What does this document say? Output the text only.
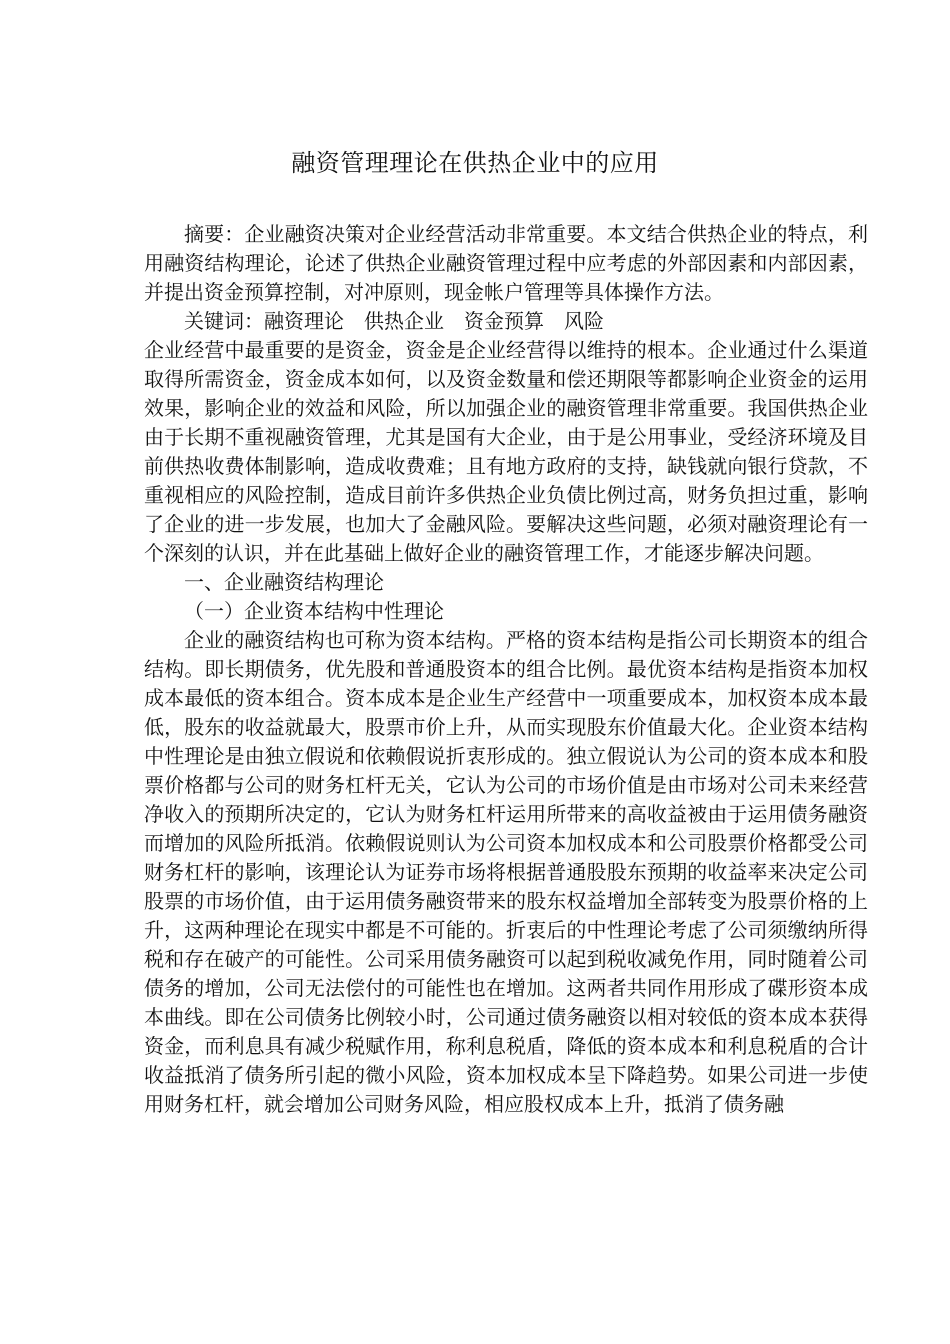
融资管理理论在供热企业中的应用

摘要：企业融资决策对企业经营活动非常重要。本文结合供热企业的特点，利用融资结构理论，论述了供热企业融资管理过程中应考虑的外部因素和内部因素，并提出资金预算控制，对冲原则，现金帐户管理等具体操作方法。

关键词：融资理论　供热企业　资金预算　风险

企业经营中最重要的是资金，资金是企业经营得以维持的根本。企业通过什么渠道取得所需资金，资金成本如何，以及资金数量和偿还期限等都影响企业资金的运用效果，影响企业的效益和风险，所以加强企业的融资管理非常重要。我国供热企业由于长期不重视融资管理，尤其是国有大企业，由于是公用事业，受经济环境及目前供热收费体制影响，造成收费难；且有地方政府的支持，缺钱就向银行贷款，不重视相应的风险控制，造成目前许多供热企业负债比例过高，财务负担过重，影响了企业的进一步发展，也加大了金融风险。要解决这些问题，必须对融资理论有一个深刻的认识，并在此基础上做好企业的融资管理工作，才能逐步解决问题。

一、企业融资结构理论

（一）企业资本结构中性理论

企业的融资结构也可称为资本结构。严格的资本结构是指公司长期资本的组合结构。即长期债务，优先股和普通股资本的组合比例。最优资本结构是指资本加权成本最低的资本组合。资本成本是企业生产经营中一项重要成本，加权资本成本最低，股东的收益就最大，股票市价上升，从而实现股东价值最大化。企业资本结构中性理论是由独立假说和依赖假说折衷形成的。独立假说认为公司的资本成本和股票价格都与公司的财务杠杆无关，它认为公司的市场价值是由市场对公司未来经营净收入的预期所决定的，它认为财务杠杆运用所带来的高收益被由于运用债务融资而增加的风险所抵消。依赖假说则认为公司资本加权成本和公司股票价格都受公司财务杠杆的影响，该理论认为证券市场将根据普通股股东预期的收益率来决定公司股票的市场价值，由于运用债务融资带来的股东权益增加全部转变为股票价格的上升，这两种理论在现实中都是不可能的。折衷后的中性理论考虑了公司须缴纳所得税和存在破产的可能性。公司采用债务融资可以起到税收减免作用，同时随着公司债务的增加，公司无法偿付的可能性也在增加。这两者共同作用形成了碟形资本成本曲线。即在公司债务比例较小时，公司通过债务融资以相对较低的资本成本获得资金，而利息具有减少税赋作用，称利息税盾，降低的资本成本和利息税盾的合计收益抵消了债务所引起的微小风险，资本加权成本呈下降趋势。如果公司进一步使用财务杠杆，就会增加公司财务风险，相应股权成本上升，抵消了债务融
